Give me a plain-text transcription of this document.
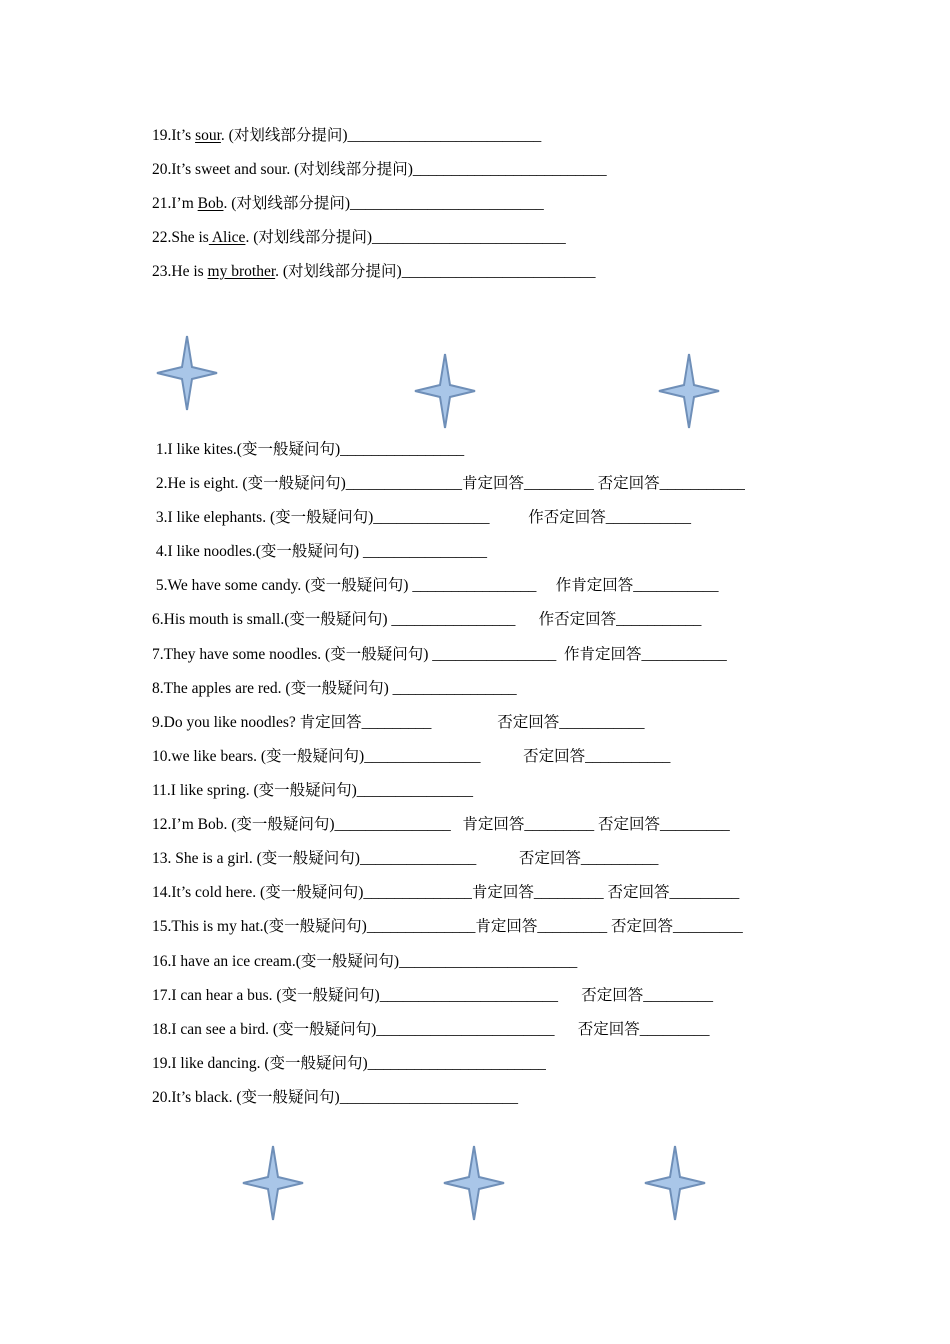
19.It’s sour. (对划线部分提问)_________________________
20.It’s sweet and sour. (对划线部分提问)_________________________
21.I’m Bob. (对划线部分提问)_________________________
22.She is Alice. (对划线部分提问)_________________________
23.He is my brother. (对划线部分提问)_________________________
1.I like kites.(变一般疑问句)________________
2.He is eight. (变一般疑问句)_______________肯定回答_________ 否定回答___________
3.I like elephants. (变一般疑问句)_______________          作否定回答___________
4.I like noodles.(变一般疑问句) ________________
5.We have some candy. (变一般疑问句) ________________     作肯定回答___________
6.His mouth is small.(变一般疑问句) ________________      作否定回答___________
7.They have some noodles. (变一般疑问句) ________________  作肯定回答___________
8.The apples are red. (变一般疑问句) ________________
9.Do you like noodles? 肯定回答_________                 否定回答___________
10.we like bears. (变一般疑问句)_______________           否定回答___________
11.I like spring. (变一般疑问句)_______________
12.I’m Bob. (变一般疑问句)_______________   肯定回答_________ 否定回答_________
13. She is a girl. (变一般疑问句)_______________           否定回答__________
14.It’s cold here. (变一般疑问句)______________肯定回答_________ 否定回答_________
15.This is my hat.(变一般疑问句)______________肯定回答_________ 否定回答_________
16.I have an ice cream.(变一般疑问句)_______________________
17.I can hear a bus. (变一般疑问句)_______________________      否定回答_________
18.I can see a bird. (变一般疑问句)_______________________      否定回答_________
19.I like dancing. (变一般疑问句)_______________________
20.It’s black. (变一般疑问句)_______________________
